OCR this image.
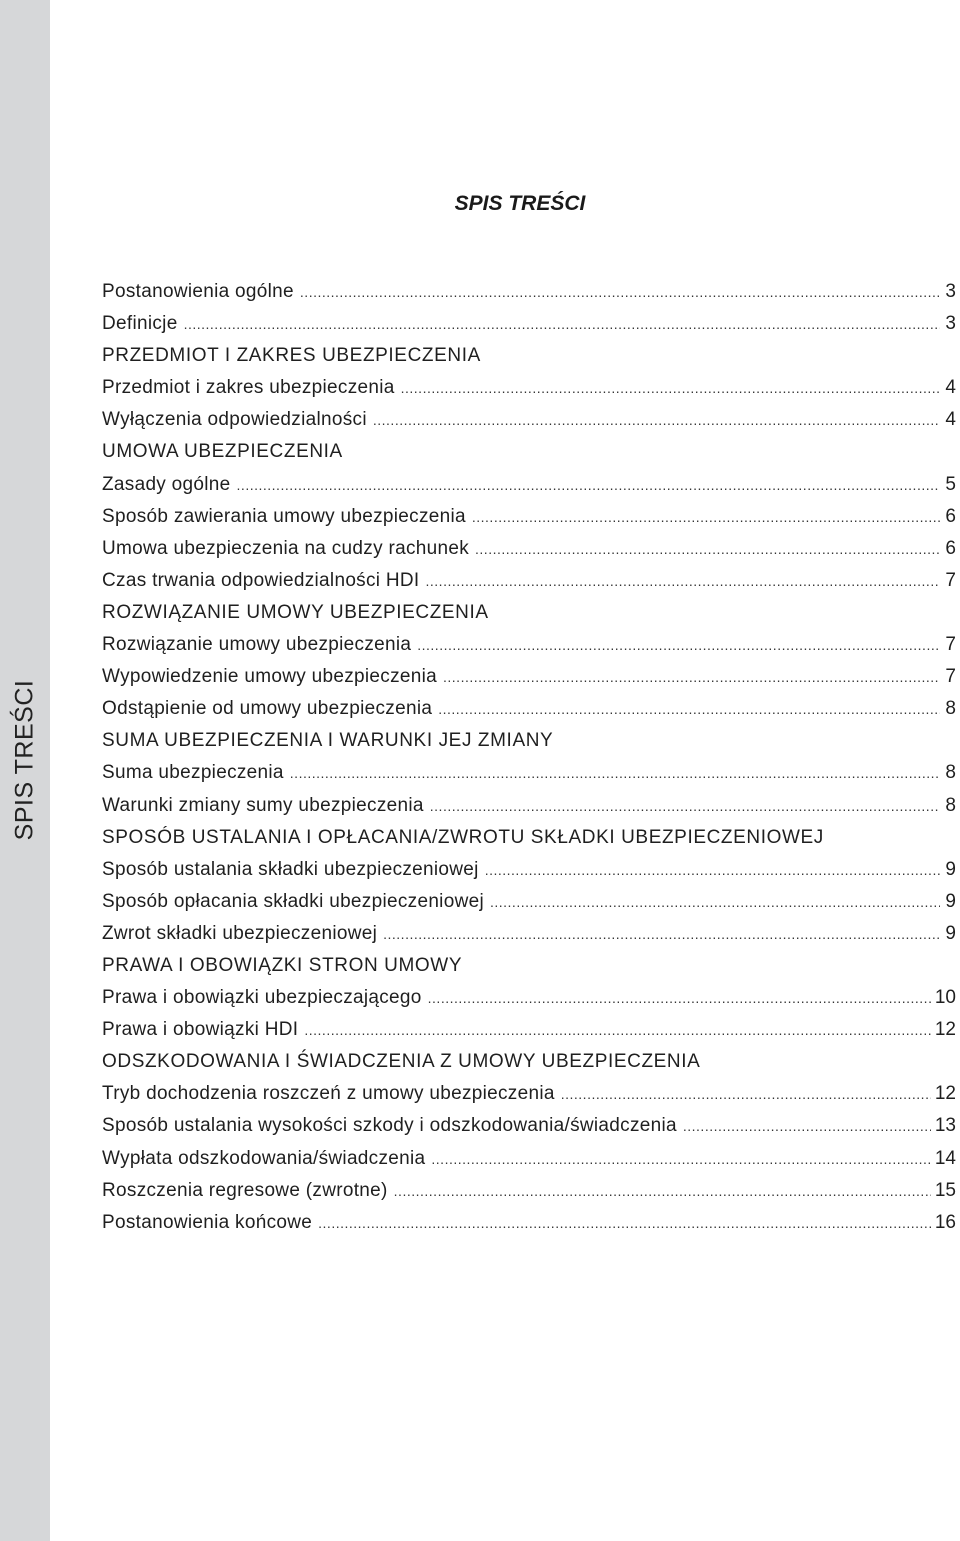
SPIS TREŚCI
SPIS TREŚCI
Postanowienia ogólne .....	3
Definicje .....	3
PRZEDMIOT I ZAKRES UBEZPIECZENIA
Przedmiot i zakres ubezpieczenia .....	4
Wyłączenia odpowiedzialności .....	4
UMOWA UBEZPIECZENIA
Zasady ogólne .....	5
Sposób zawierania umowy ubezpieczenia .....	6
Umowa ubezpieczenia na cudzy rachunek .....	6
Czas trwania odpowiedzialności HDI .....	7
ROZWIĄZANIE UMOWY UBEZPIECZENIA
Rozwiązanie umowy ubezpieczenia .....	7
Wypowiedzenie umowy ubezpieczenia .....	7
Odstąpienie od umowy ubezpieczenia .....	8
SUMA UBEZPIECZENIA I WARUNKI JEJ ZMIANY
Suma ubezpieczenia .....	8
Warunki zmiany sumy ubezpieczenia .....	8
SPOSÓB USTALANIA I OPŁACANIA/ZWROTU SKŁADKI UBEZPIECZENIOWEJ
Sposób ustalania składki ubezpieczeniowej .....	9
Sposób opłacania składki ubezpieczeniowej .....	9
Zwrot składki ubezpieczeniowej .....	9
PRAWA I OBOWIĄZKI STRON UMOWY
Prawa i obowiązki ubezpieczającego .....	10
Prawa i obowiązki HDI .....	12
ODSZKODOWANIA I ŚWIADCZENIA Z UMOWY UBEZPIECZENIA
Tryb dochodzenia roszczeń z umowy ubezpieczenia .....	12
Sposób ustalania wysokości szkody i odszkodowania/świadczenia .....	13
Wypłata odszkodowania/świadczenia .....	14
Roszczenia regresowe (zwrotne) .....	15
Postanowienia końcowe .....	16
